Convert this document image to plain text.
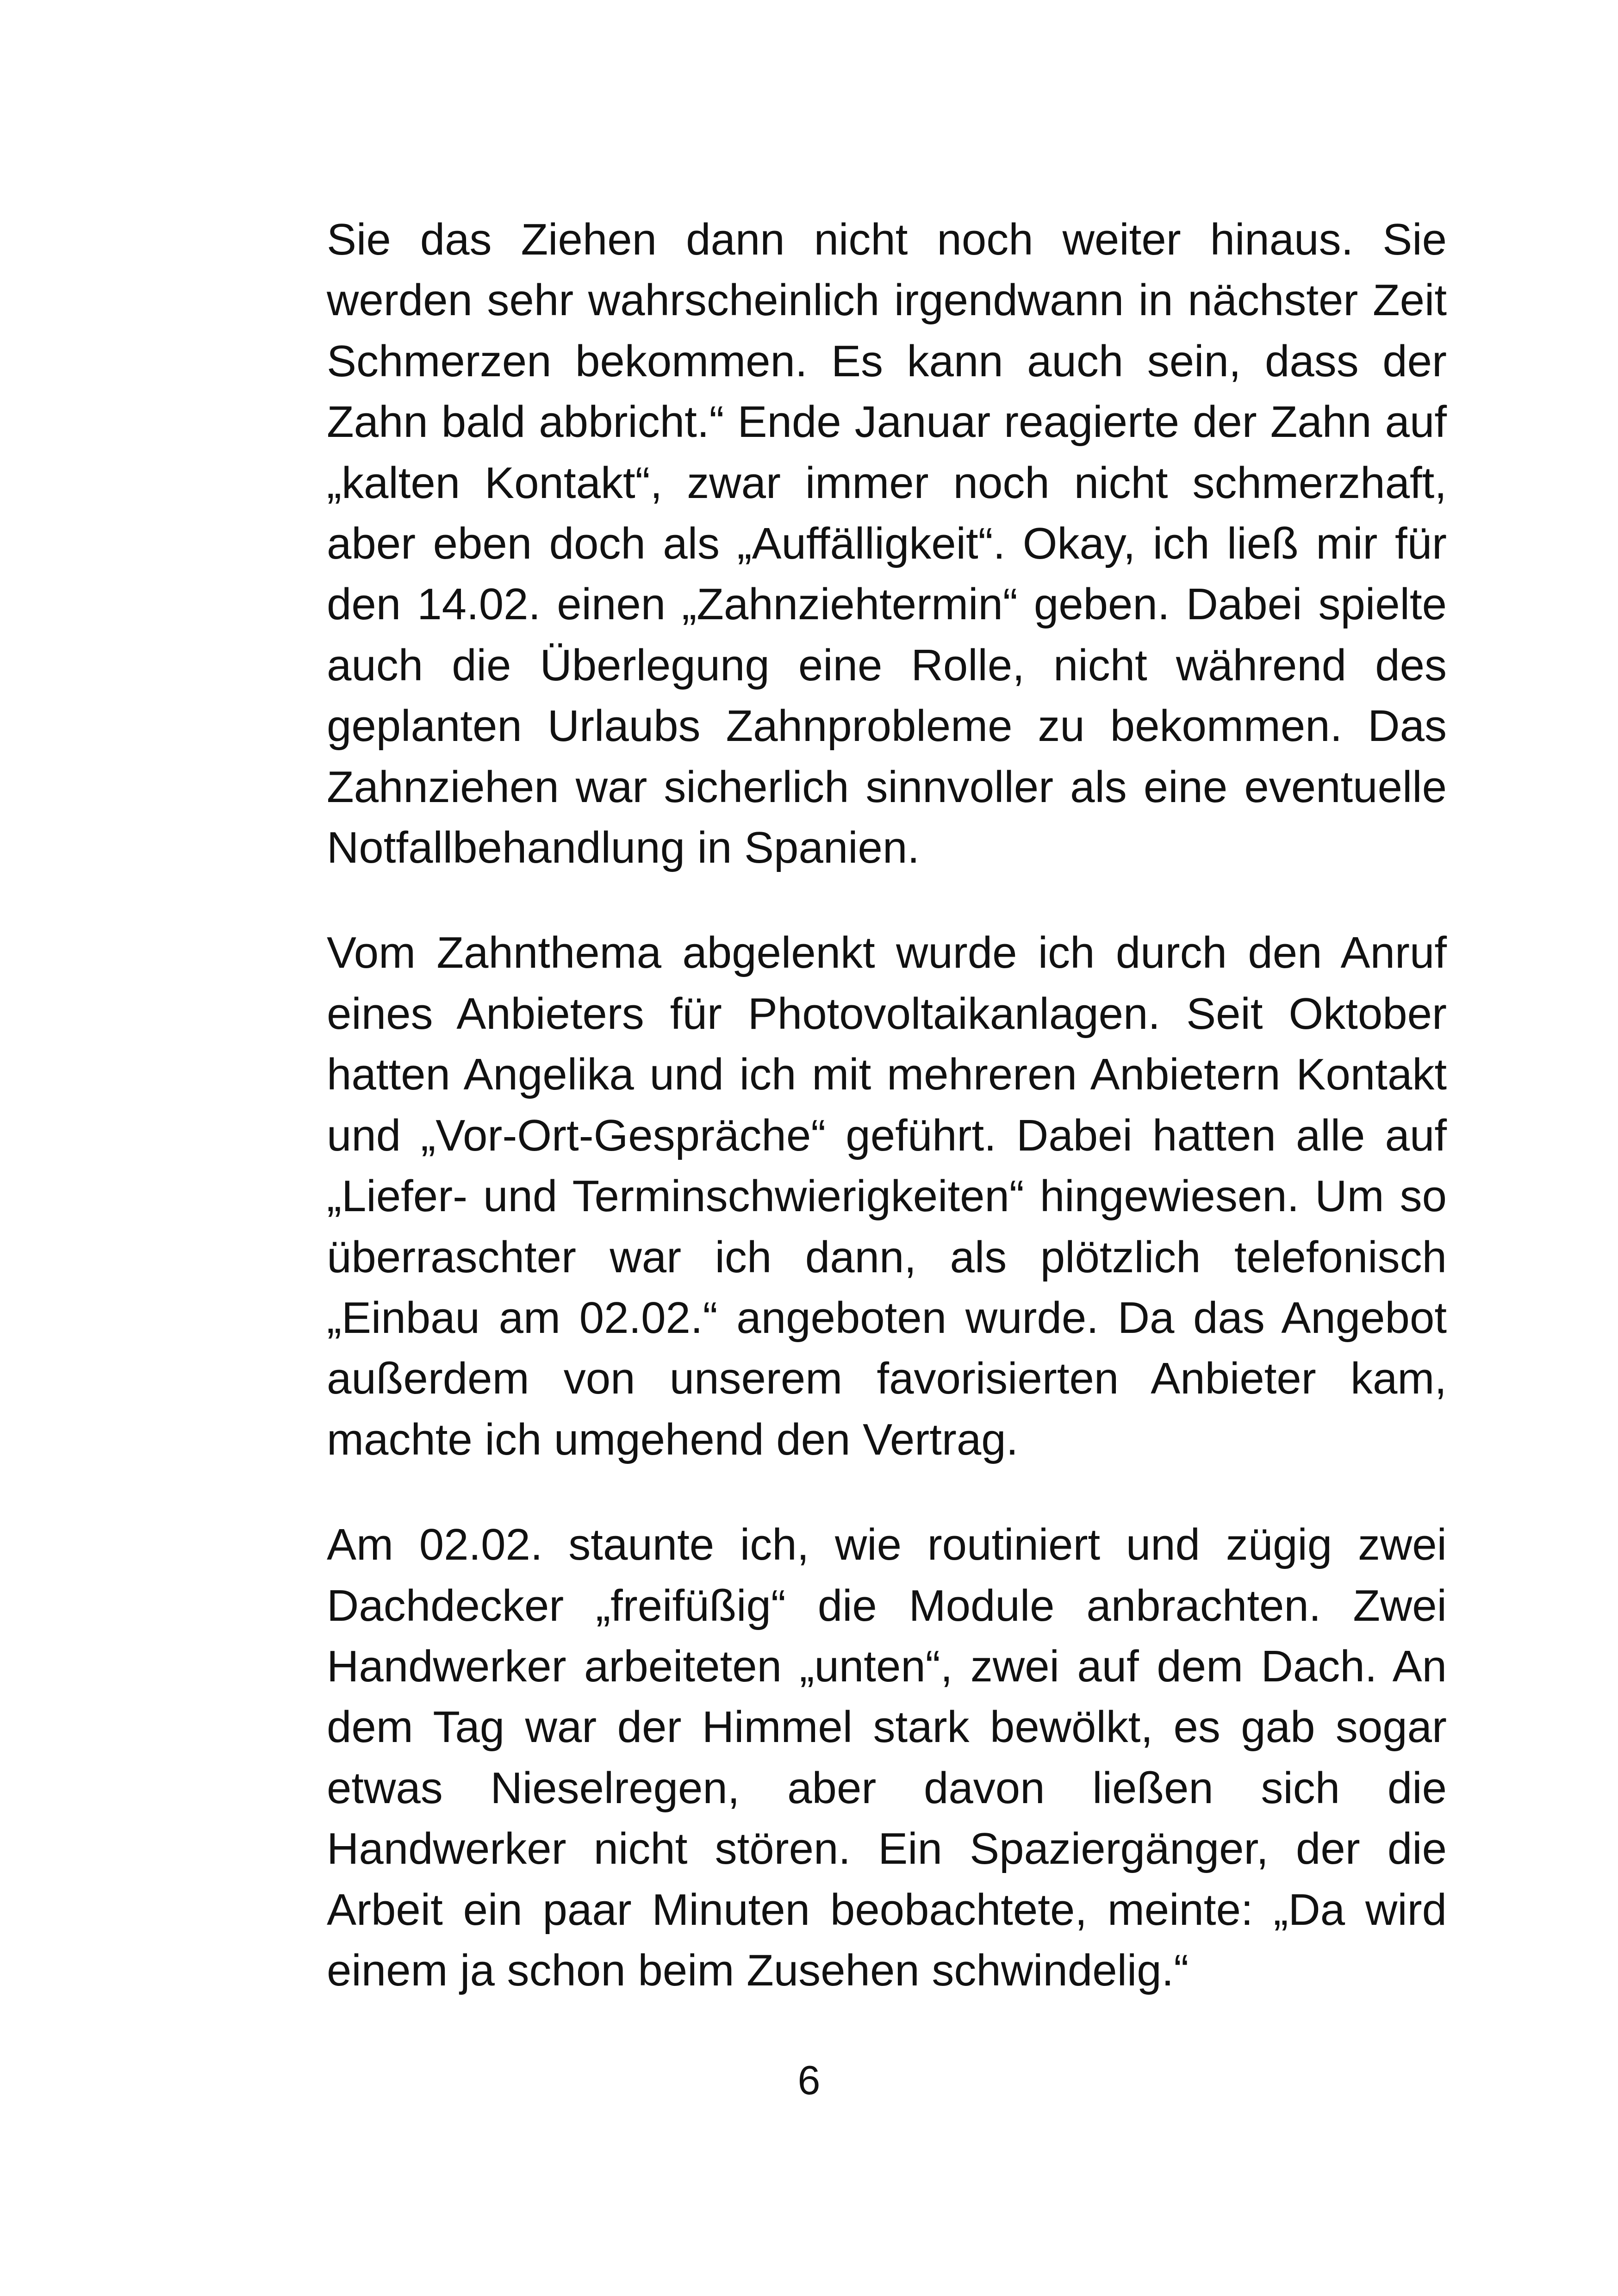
Sie das Ziehen dann nicht noch weiter hinaus. Sie werden sehr wahrscheinlich irgendwann in nächster Zeit Schmerzen bekommen. Es kann auch sein, dass der Zahn bald abbricht.“ Ende Januar reagierte der Zahn auf „kalten Kontakt“, zwar immer noch nicht schmerzhaft, aber eben doch als „Auffälligkeit“. Okay, ich ließ mir für den 14.02. einen „Zahnziehtermin“ geben. Dabei spielte auch die Überlegung eine Rolle, nicht während des geplanten Urlaubs Zahnprobleme zu bekommen. Das Zahnziehen war sicherlich sinnvoller als eine eventuelle Notfallbehandlung in Spanien.

Vom Zahnthema abgelenkt wurde ich durch den Anruf eines Anbieters für Photovoltaikanlagen. Seit Oktober hatten Angelika und ich mit mehreren Anbietern Kontakt und „Vor-Ort-Gespräche“ geführt. Dabei hatten alle auf „Liefer- und Terminschwierigkeiten“ hingewiesen. Um so überraschter war ich dann, als plötzlich telefonisch „Einbau am 02.02.“ angeboten wurde. Da das Angebot außerdem von unserem favorisierten Anbieter kam, machte ich umgehend den Vertrag.

Am 02.02. staunte ich, wie routiniert und zügig zwei Dachdecker „freifüßig“ die Module anbrachten. Zwei Handwerker arbeiteten „unten“, zwei auf dem Dach. An dem Tag war der Himmel stark bewölkt, es gab sogar etwas Nieselregen, aber davon ließen sich die Handwerker nicht stören. Ein Spaziergänger, der die Arbeit ein paar Minuten beobachtete, meinte: „Da wird einem ja schon beim Zusehen schwindelig.“

6
